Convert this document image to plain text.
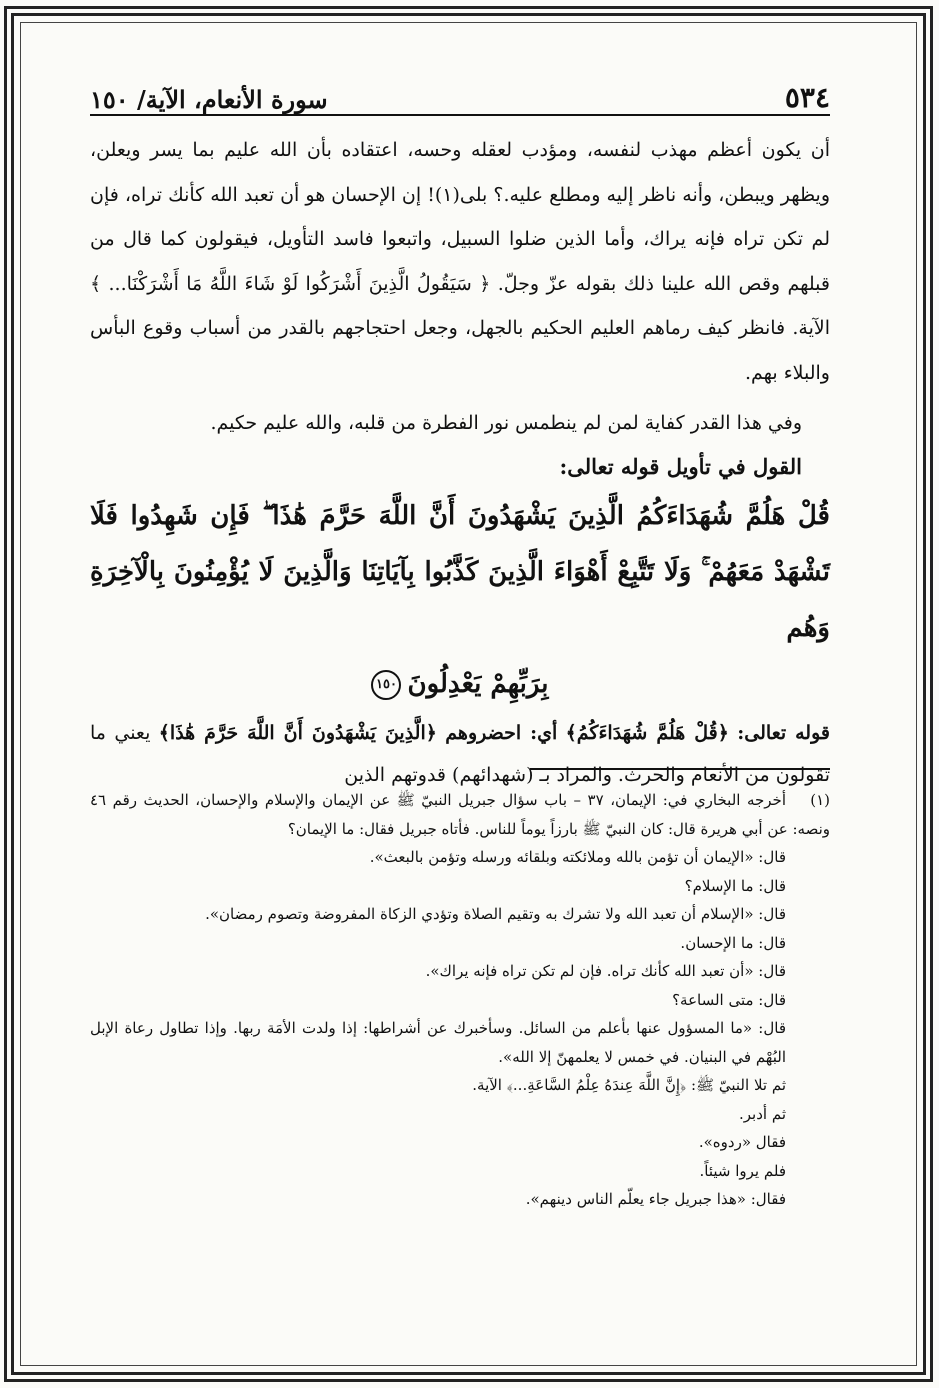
٥٣٤
سورة الأنعام، الآية/ ١٥٠

أن يكون أعظم مهذب لنفسه، ومؤدب لعقله وحسه، اعتقاده بأن الله عليم بما يسر ويعلن، ويظهر ويبطن، وأنه ناظر إليه ومطلع عليه.؟ بلى(١)! إن الإحسان هو أن تعبد الله كأنك تراه، فإن لم تكن تراه فإنه يراك، وأما الذين ضلوا السبيل، واتبعوا فاسد التأويل، فيقولون كما قال من قبلهم وقص الله علينا ذلك بقوله عزّ وجلّ. ﴿ سَيَقُولُ الَّذِينَ أَشْرَكُوا لَوْ شَاءَ اللَّهُ مَا أَشْرَكْنَا... ﴾ الآية. فانظر كيف رماهم العليم الحكيم بالجهل، وجعل احتجاجهم بالقدر من أسباب وقوع البأس والبلاء بهم.

وفي هذا القدر كفاية لمن لم ينطمس نور الفطرة من قلبه، والله عليم حكيم.

القول في تأويل قوله تعالى:

قُلْ هَلُمَّ شُهَدَاءَكُمُ الَّذِينَ يَشْهَدُونَ أَنَّ اللَّهَ حَرَّمَ هَٰذَا ۖ فَإِن شَهِدُوا فَلَا تَشْهَدْ مَعَهُمْ ۚ وَلَا تَتَّبِعْ أَهْوَاءَ الَّذِينَ كَذَّبُوا بِآيَاتِنَا وَالَّذِينَ لَا يُؤْمِنُونَ بِالْآخِرَةِ وَهُم
بِرَبِّهِمْ يَعْدِلُونَ١٥٠

قوله تعالى: ﴿قُلْ هَلُمَّ شُهَدَاءَكُمُ﴾ أي: احضروهم ﴿الَّذِينَ يَشْهَدُونَ أَنَّ اللَّهَ حَرَّمَ هَٰذَا﴾ يعني ما تقولون من الأنعام والحرث. والمراد بـ (شهدائهم) قدوتهم الذين

(١)أخرجه البخاري في: الإيمان، ٣٧ – باب سؤال جبريل النبيّ ﷺ عن الإيمان والإسلام والإحسان، الحديث رقم ٤٦ ونصه: عن أبي هريرة قال: كان النبيّ ﷺ بارزاً يوماً للناس. فأتاه جبريل فقال: ما الإيمان؟

قال: «الإيمان أن تؤمن بالله وملائكته وبلقائه ورسله وتؤمن بالبعث».

قال: ما الإسلام؟

قال: «الإسلام أن تعبد الله ولا تشرك به وتقيم الصلاة وتؤدي الزكاة المفروضة وتصوم رمضان».

قال: ما الإحسان.

قال: «أن تعبد الله كأنك تراه. فإن لم تكن تراه فإنه يراك».

قال: متى الساعة؟

قال: «ما المسؤول عنها بأعلم من السائل. وسأخبرك عن أشراطها: إذا ولدت الأمَة ربها. وإذا تطاول رعاة الإبل البُهْم في البنيان. في خمس لا يعلمهنّ إلا الله».

ثم تلا النبيّ ﷺ: ﴿إِنَّ اللَّهَ عِندَهُ عِلْمُ السَّاعَةِ...﴾ الآية.

ثم أدبر.

فقال «ردوه».

فلم يروا شيئاً.

فقال: «هذا جبريل جاء يعلّم الناس دينهم».
